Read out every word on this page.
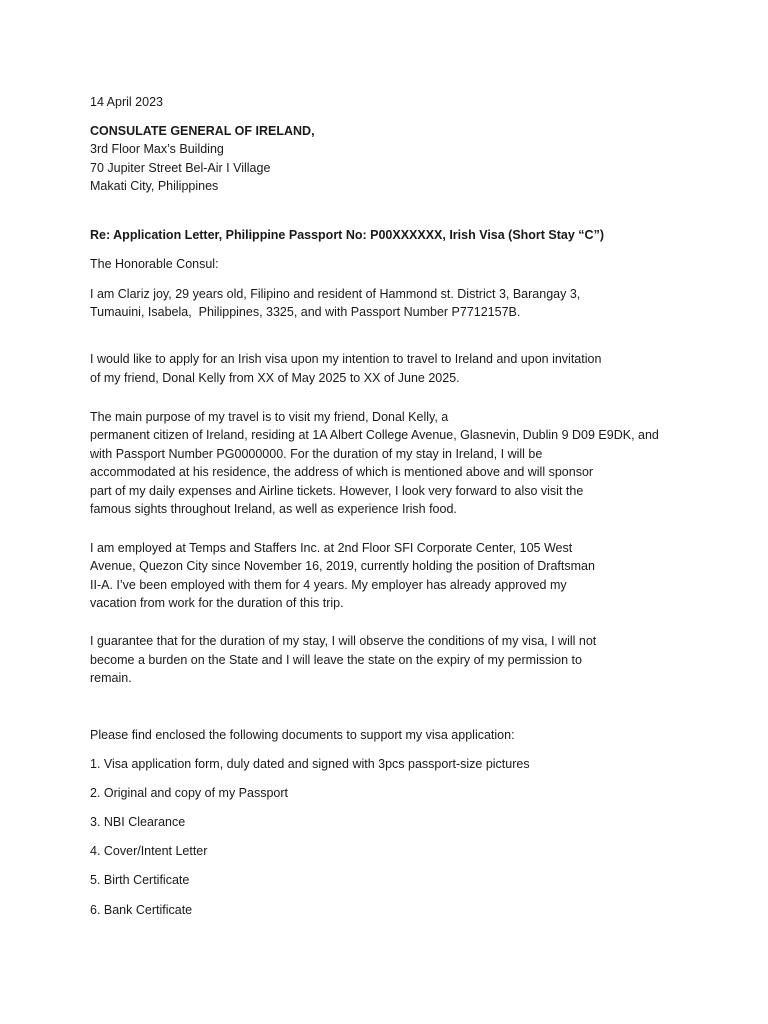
14 April 2023
CONSULATE GENERAL OF IRELAND,
3rd Floor Max’s Building
70 Jupiter Street Bel-Air I Village
Makati City, Philippines
Re: Application Letter, Philippine Passport No: P00XXXXXX, Irish Visa (Short Stay “C”)
The Honorable Consul:
I am Clariz joy, 29 years old, Filipino and resident of Hammond st. District 3, Barangay 3,
Tumauini, Isabela,  Philippines, 3325, and with Passport Number P7712157B.
I would like to apply for an Irish visa upon my intention to travel to Ireland and upon invitation
of my friend, Donal Kelly from XX of May 2025 to XX of June 2025.
The main purpose of my travel is to visit my friend, Donal Kelly, a
permanent citizen of Ireland, residing at 1A Albert College Avenue, Glasnevin, Dublin 9 D09 E9DK, and
with Passport Number PG0000000. For the duration of my stay in Ireland, I will be
accommodated at his residence, the address of which is mentioned above and will sponsor
part of my daily expenses and Airline tickets. However, I look very forward to also visit the
famous sights throughout Ireland, as well as experience Irish food.
I am employed at Temps and Staffers Inc. at 2nd Floor SFI Corporate Center, 105 West
Avenue, Quezon City since November 16, 2019, currently holding the position of Draftsman
II-A. I’ve been employed with them for 4 years. My employer has already approved my
vacation from work for the duration of this trip.
I guarantee that for the duration of my stay, I will observe the conditions of my visa, I will not
become a burden on the State and I will leave the state on the expiry of my permission to
remain.
Please find enclosed the following documents to support my visa application:
1. Visa application form, duly dated and signed with 3pcs passport-size pictures
2. Original and copy of my Passport
3. NBI Clearance
4. Cover/Intent Letter
5. Birth Certificate
6. Bank Certificate
